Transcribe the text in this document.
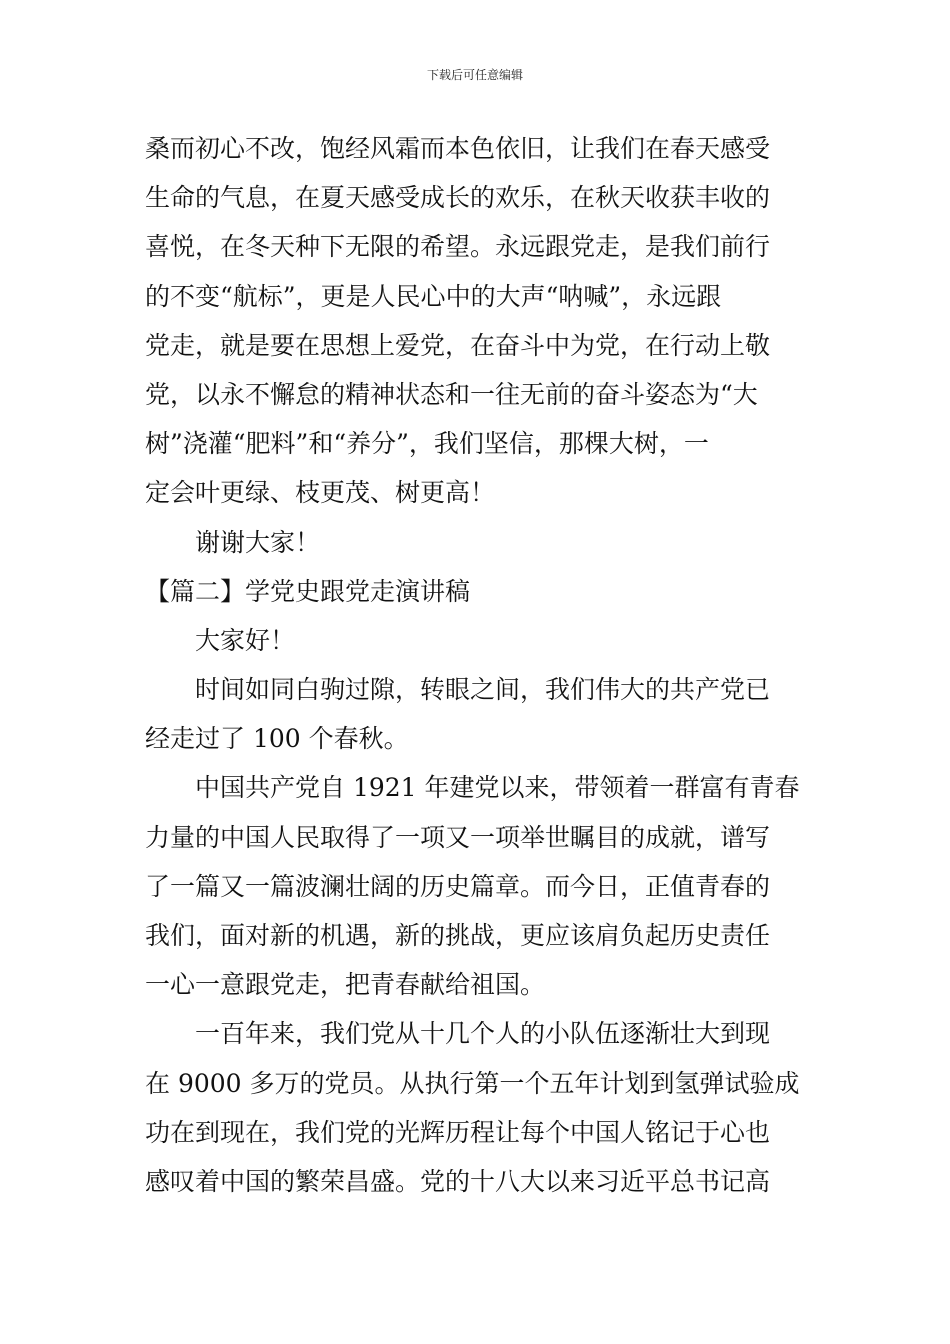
下载后可任意编辑
桑而初心不改，饱经风霜而本色依旧，让我们在春天感受
生命的气息，在夏天感受成长的欢乐，在秋天收获丰收的
喜悦，在冬天种下无限的希望。永远跟党走，是我们前行
的不变“航标”，更是人民心中的大声“呐喊”，永远跟
党走，就是要在思想上爱党，在奋斗中为党，在行动上敬
党，以永不懈怠的精神状态和一往无前的奋斗姿态为“大
树”浇灌“肥料”和“养分”，我们坚信，那棵大树，一
定会叶更绿、枝更茂、树更高！
谢谢大家！
【篇二】学党史跟党走演讲稿
大家好！
时间如同白驹过隙，转眼之间，我们伟大的共产党已
经走过了 100 个春秋。
中国共产党自 1921 年建党以来，带领着一群富有青春
力量的中国人民取得了一项又一项举世瞩目的成就，谱写
了一篇又一篇波澜壮阔的历史篇章。而今日，正值青春的
我们，面对新的机遇，新的挑战，更应该肩负起历史责任
一心一意跟党走，把青春献给祖国。
一百年来，我们党从十几个人的小队伍逐渐壮大到现
在 9000 多万的党员。从执行第一个五年计划到氢弹试验成
功在到现在，我们党的光辉历程让每个中国人铭记于心也
感叹着中国的繁荣昌盛。党的十八大以来习近平总书记高
